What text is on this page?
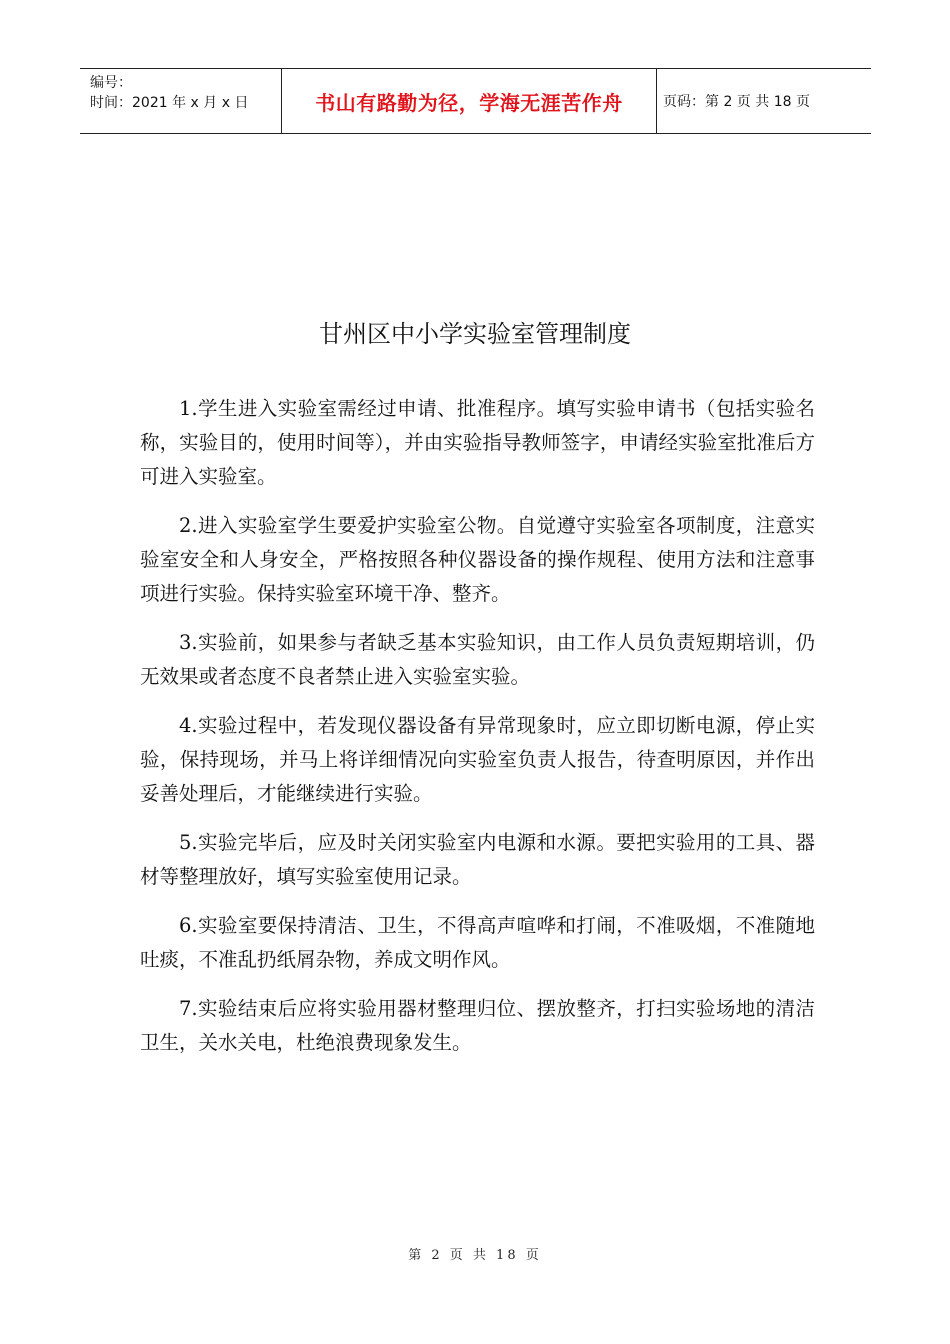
编号：
时间：2021 年 x 月 x 日	书山有路勤为径，学海无涯苦作舟	页码：第 2 页 共 18 页
甘州区中小学实验室管理制度

1.学生进入实验室需经过申请、批准程序。填写实验申请书（包括实验名称，实验目的，使用时间等），并由实验指导教师签字，申请经实验室批准后方可进入实验室。

2.进入实验室学生要爱护实验室公物。自觉遵守实验室各项制度，注意实验室安全和人身安全，严格按照各种仪器设备的操作规程、使用方法和注意事项进行实验。保持实验室环境干净、整齐。

3.实验前，如果参与者缺乏基本实验知识，由工作人员负责短期培训，仍无效果或者态度不良者禁止进入实验室实验。

4.实验过程中，若发现仪器设备有异常现象时，应立即切断电源，停止实验，保持现场，并马上将详细情况向实验室负责人报告，待查明原因，并作出妥善处理后，才能继续进行实验。

5.实验完毕后，应及时关闭实验室内电源和水源。要把实验用的工具、器材等整理放好，填写实验室使用记录。

6.实验室要保持清洁、卫生，不得高声喧哗和打闹，不准吸烟，不准随地吐痰，不准乱扔纸屑杂物，养成文明作风。

7.实验结束后应将实验用器材整理归位、摆放整齐，打扫实验场地的清洁卫生，关水关电，杜绝浪费现象发生。

第 2 页 共 18 页
